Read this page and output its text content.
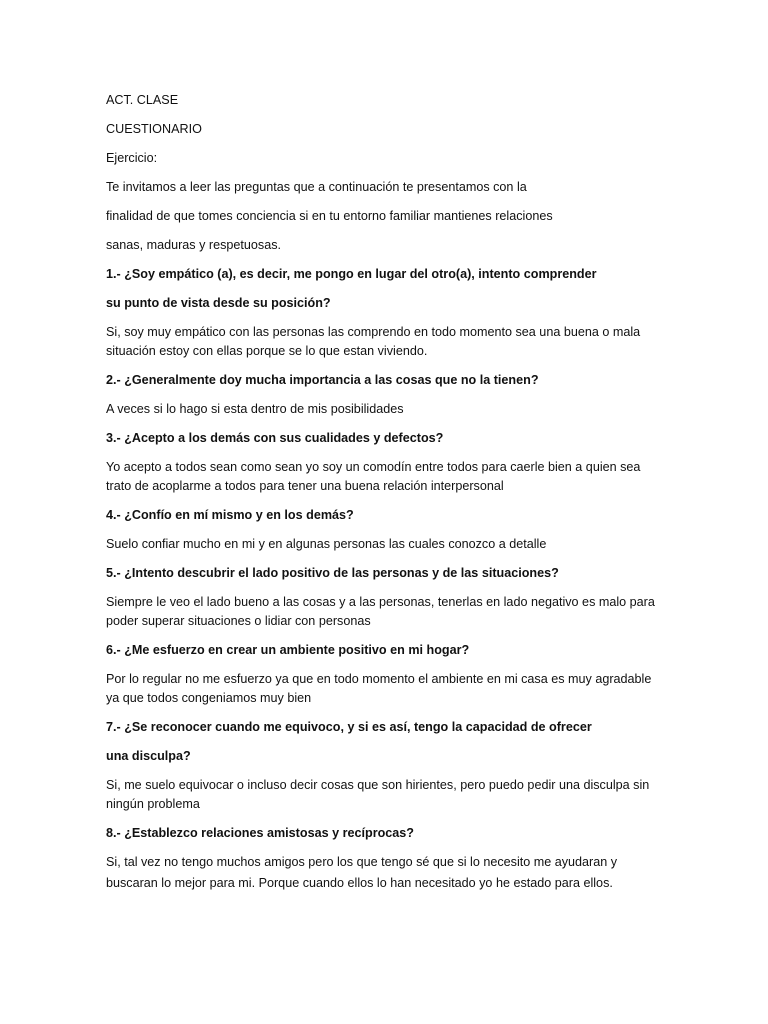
ACT. CLASE
CUESTIONARIO
Ejercicio:
Te invitamos a leer las preguntas que a continuación te presentamos con la
finalidad de que tomes conciencia si en tu entorno familiar mantienes relaciones
sanas, maduras y respetuosas.
1.- ¿Soy empático (a), es decir, me pongo en lugar del otro(a), intento comprender
su punto de vista desde su posición?
Si, soy muy empático con las personas las comprendo en todo momento sea una buena o mala
situación estoy con ellas porque se lo que estan viviendo.
2.- ¿Generalmente doy mucha importancia a las cosas que no la tienen?
A veces si lo hago si esta dentro de mis posibilidades
3.- ¿Acepto a los demás con sus cualidades y defectos?
Yo acepto a todos sean como sean yo soy un comodín entre todos para caerle bien a quien sea
trato de acoplarme a todos para tener una buena relación interpersonal
4.- ¿Confío en mí mismo y en los demás?
Suelo confiar mucho en mi y en algunas personas las cuales conozco a detalle
5.- ¿Intento descubrir el lado positivo de las personas y de las situaciones?
Siempre le veo el lado bueno a las cosas y a las personas, tenerlas en lado negativo es malo para
poder superar situaciones o lidiar con personas
6.- ¿Me esfuerzo en crear un ambiente positivo en mi hogar?
Por lo regular no me esfuerzo ya que en todo momento el ambiente en mi casa es muy agradable
ya que todos congeniamos muy bien
7.- ¿Se reconocer cuando me equivoco, y si es así, tengo la capacidad de ofrecer
una disculpa?
Si, me suelo equivocar o incluso decir cosas que son hirientes, pero puedo pedir una disculpa sin
ningún problema
8.- ¿Establezco relaciones amistosas y recíprocas?
Si, tal vez no tengo muchos amigos pero los que tengo sé que si lo necesito me ayudaran y
buscaran lo mejor para mi. Porque cuando ellos lo han necesitado yo he estado para ellos.
